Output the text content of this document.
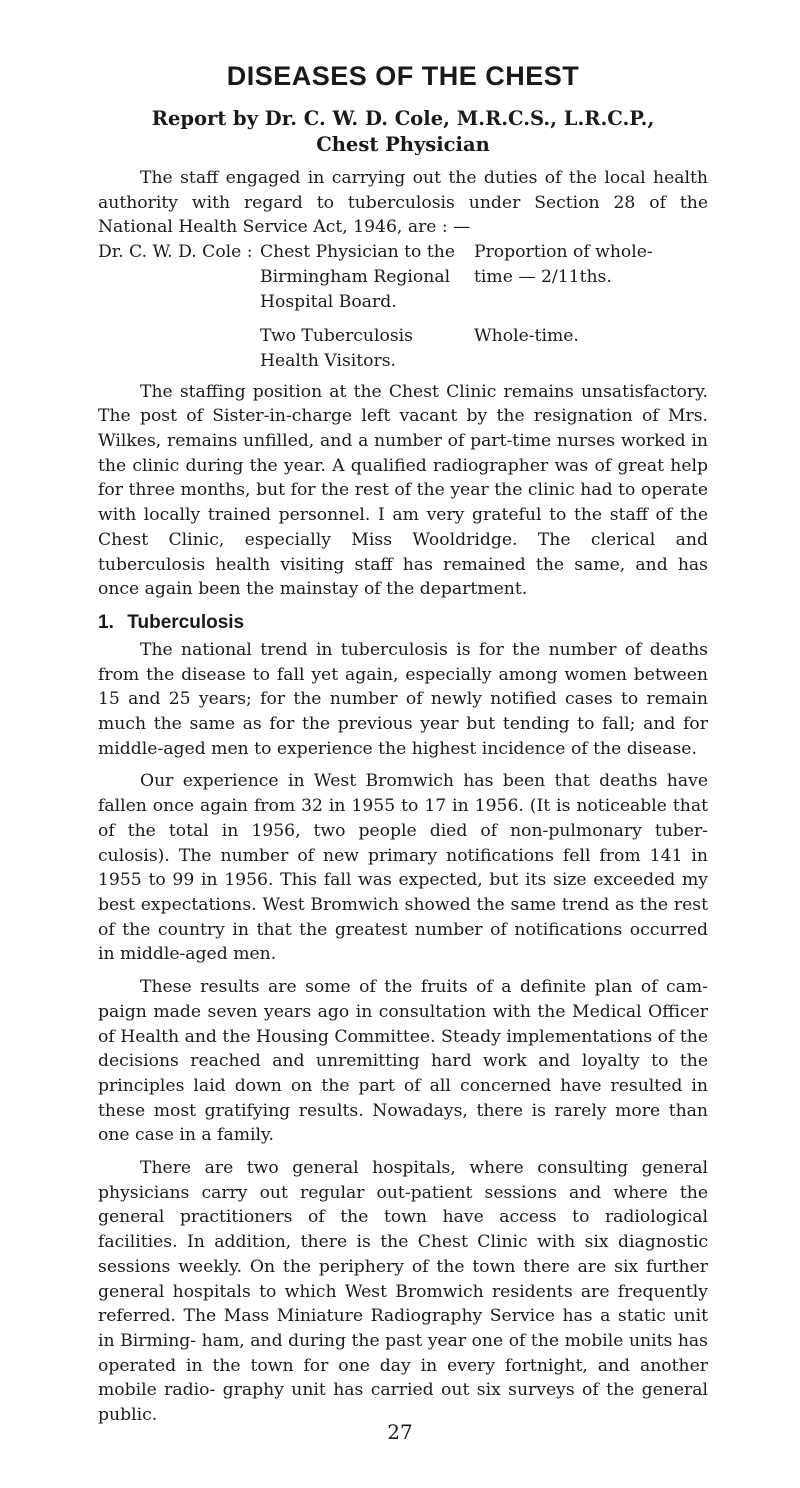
DISEASES OF THE CHEST
Report by Dr. C. W. D. Cole, M.R.C.S., L.R.C.P.,
Chest Physician

The staff engaged in carrying out the duties of the local health authority with regard to tuberculosis under Section 28 of the National Health Service Act, 1946, are : —

Dr. C. W. D. Cole : Chest Physician to the
Birmingham Regional
Hospital Board.
Proportion of whole-
time — 2/11ths.
Two Tuberculosis
Health Visitors.
Whole-time.

The staffing position at the Chest Clinic remains unsatisfactory. The post of Sister-in-charge left vacant by the resignation of Mrs. Wilkes, remains unfilled, and a number of part-time nurses worked in the clinic during the year. A qualified radiographer was of great help for three months, but for the rest of the year the clinic had to operate with locally trained personnel. I am very grateful to the staff of the Chest Clinic, especially Miss Wooldridge. The clerical and tuberculosis health visiting staff has remained the same, and has once again been the mainstay of the department.

1. Tuberculosis

The national trend in tuberculosis is for the number of deaths from the disease to fall yet again, especially among women between 15 and 25 years; for the number of newly notified cases to remain much the same as for the previous year but tending to fall; and for middle-aged men to experience the highest incidence of the disease.

Our experience in West Bromwich has been that deaths have fallen once again from 32 in 1955 to 17 in 1956. (It is noticeable that of the total in 1956, two people died of non-pulmonary tuber- culosis). The number of new primary notifications fell from 141 in 1955 to 99 in 1956. This fall was expected, but its size exceeded my best expectations. West Bromwich showed the same trend as the rest of the country in that the greatest number of notifications occurred in middle-aged men.

These results are some of the fruits of a definite plan of cam- paign made seven years ago in consultation with the Medical Officer of Health and the Housing Committee. Steady implementations of the decisions reached and unremitting hard work and loyalty to the principles laid down on the part of all concerned have resulted in these most gratifying results. Nowadays, there is rarely more than one case in a family.

There are two general hospitals, where consulting general physicians carry out regular out-patient sessions and where the general practitioners of the town have access to radiological facilities. In addition, there is the Chest Clinic with six diagnostic sessions weekly. On the periphery of the town there are six further general hospitals to which West Bromwich residents are frequently referred. The Mass Miniature Radiography Service has a static unit in Birming- ham, and during the past year one of the mobile units has operated in the town for one day in every fortnight, and another mobile radio- graphy unit has carried out six surveys of the general public.

27
